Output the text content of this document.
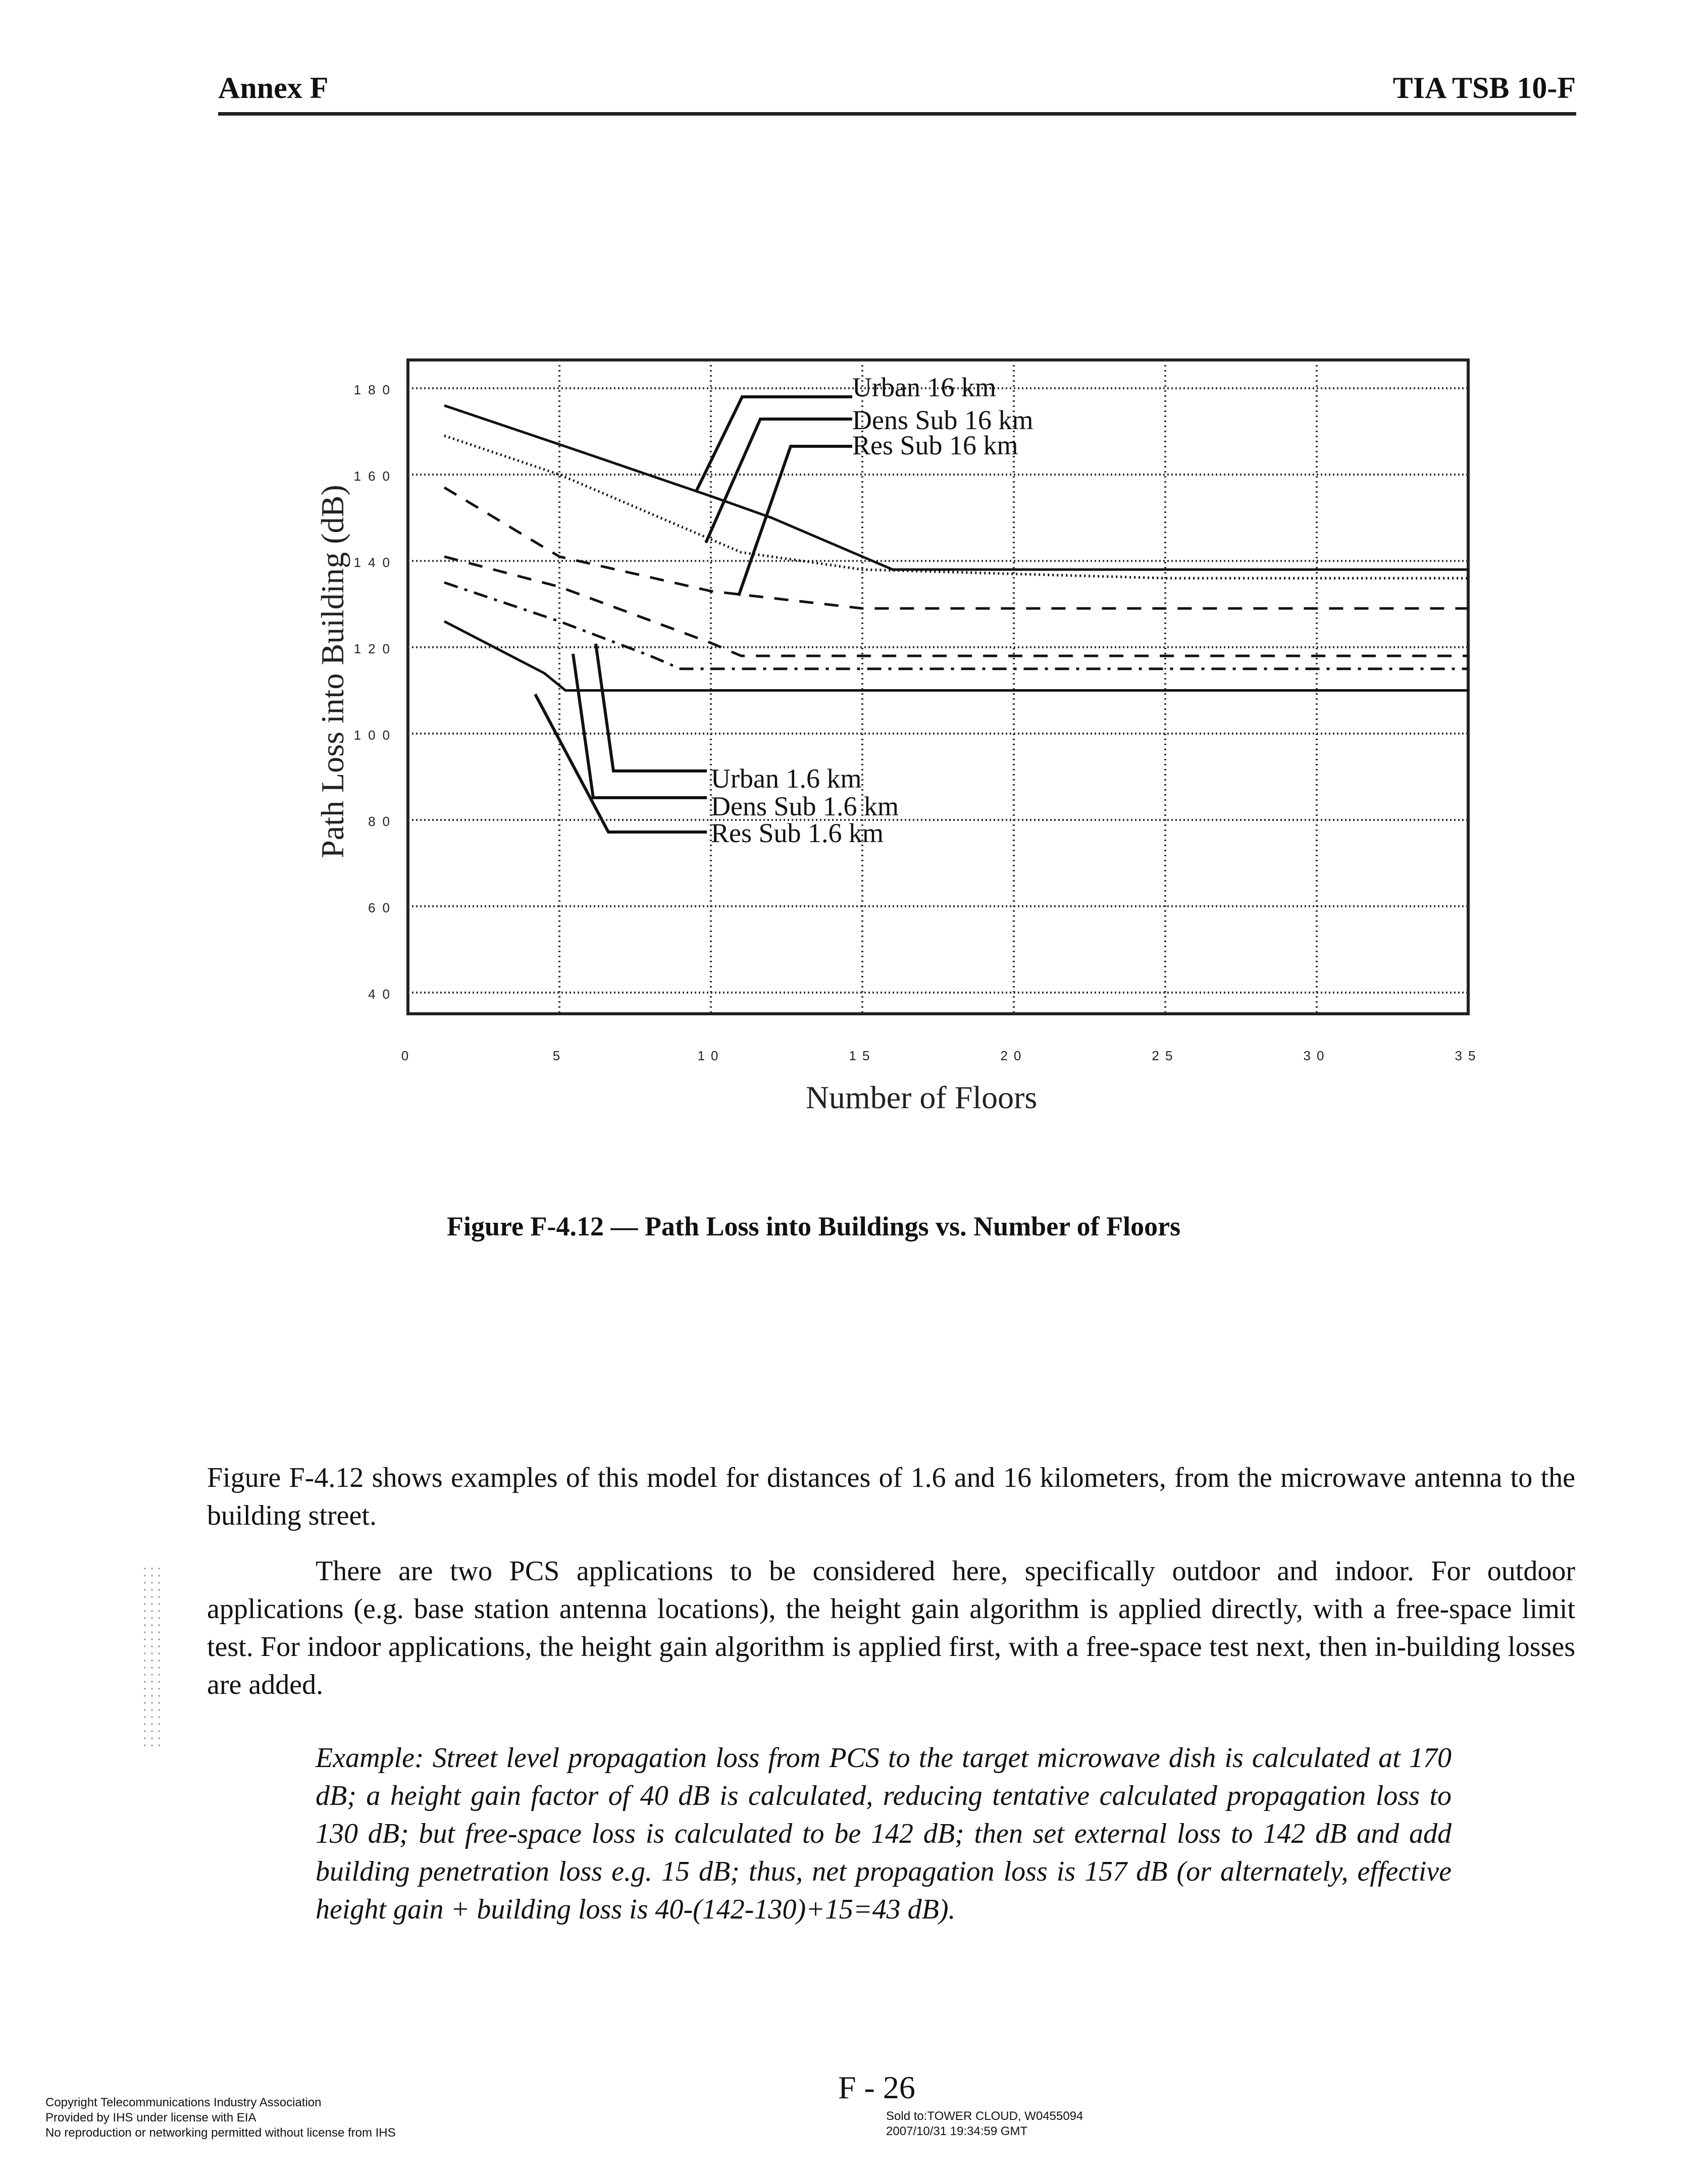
Annex F	TIA TSB 10-F
180
160
140
120
100
80
60
40
0	5	10	15	20	25	30	35
Number of Floors
Path Loss into Building (dB)
Urban 16 km
Dens Sub 16 km
Res Sub 16 km
Urban 1.6 km
Dens Sub 1.6 km
Res Sub 1.6 km
Figure F-4.12 — Path Loss into Buildings vs. Number of Floors
Figure F-4.12 shows examples of this model for distances of 1.6 and 16 kilometers, from the microwave antenna to the building street.
There are two PCS applications to be considered here, specifically outdoor and indoor. For outdoor applications (e.g. base station antenna locations), the height gain algorithm is applied directly, with a free-space limit test. For indoor applications, the height gain algorithm is applied first, with a free-space test next, then in-building losses are added.
Example: Street level propagation loss from PCS to the target microwave dish is calculated at 170 dB; a height gain factor of 40 dB is calculated, reducing tentative calculated propagation loss to 130 dB; but free-space loss is calculated to be 142 dB; then set external loss to 142 dB and add building penetration loss e.g. 15 dB; thus, net propagation loss is 157 dB (or alternately, effective height gain + building loss is 40-(142-130)+15=43 dB).
F - 26
Copyright Telecommunications Industry Association
Provided by IHS under license with EIA
No reproduction or networking permitted without license from IHS
Sold to:TOWER CLOUD, W0455094
2007/10/31 19:34:59 GMT
